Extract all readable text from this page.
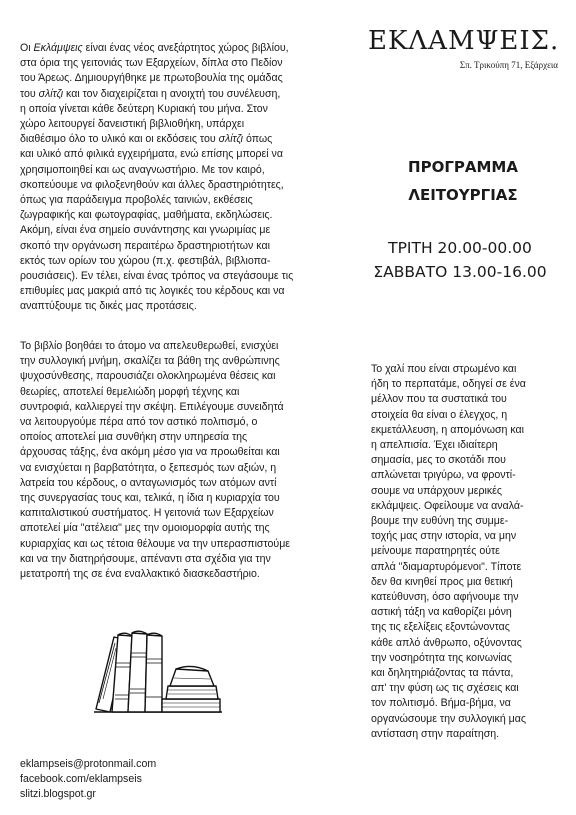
Οι Εκλάμψεις είναι ένας νέος ανεξάρτητος χώρος βιβλίου,
στα όρια της γειτονιάς των Εξαρχείων, δίπλα στο Πεδίον
του Άρεως. Δημιουργήθηκε με πρωτοβουλία της ομάδας
του σλίτζι και τον διαχειρίζεται η ανοιχτή του συνέλευση,
η οποία γίνεται κάθε δεύτερη Κυριακή του μήνα. Στον
χώρο λειτουργεί δανειστική βιβλιοθήκη, υπάρχει
διαθέσιμο όλο το υλικό και οι εκδόσεις του σλίτζι όπως
και υλικό από φιλικά εγχειρήματα, ενώ επίσης μπορεί να
χρησιμοποιηθεί και ως αναγνωστήριο. Με τον καιρό,
σκοπεύουμε να φιλοξενηθούν και άλλες δραστηριότητες,
όπως για παράδειγμα προβολές ταινιών, εκθέσεις
ζωγραφικής και φωτογραφίας, μαθήματα, εκδηλώσεις.
Ακόμη, είναι ένα σημείο συνάντησης και γνωριμίας με
σκοπό την οργάνωση περαιτέρω δραστηριοτήτων και
εκτός των ορίων του χώρου (π.χ. φεστιβάλ, βιβλιοπα-
ρουσιάσεις). Εν τέλει, είναι ένας τρόπος να στεγάσουμε τις
επιθυμίες μας μακριά από τις λογικές του κέρδους και να
αναπτύξουμε τις δικές μας προτάσεις.
Το βιβλίο βοηθάει το άτομο να απελευθερωθεί, ενισχύει
την συλλογική μνήμη, σκαλίζει τα βάθη της ανθρώπινης
ψυχοσύνθεσης, παρουσιάζει ολοκληρωμένα θέσεις και
θεωρίες, αποτελεί θεμελιώδη μορφή τέχνης και
συντροφιά, καλλιεργεί την σκέψη. Επιλέγουμε συνειδητά
να λειτουργούμε πέρα από τον αστικό πολιτισμό, ο
οποίος αποτελεί μια συνθήκη στην υπηρεσία της
άρχουσας τάξης, ένα ακόμη μέσο για να προωθείται και
να ενισχύεται η βαρβατότητα, ο ξεπεσμός των αξιών, η
λατρεία του κέρδους, ο ανταγωνισμός των ατόμων αντί
της συνεργασίας τους και, τελικά, η ίδια η κυριαρχία του
καπιταλιστικού συστήματος. Η γειτονιά των Εξαρχείων
αποτελεί μία "ατέλεια" μες την ομοιομορφία αυτής της
κυριαρχίας και ως τέτοια θέλουμε να την υπερασπιστούμε
και να την διατηρήσουμε, απέναντι στα σχέδια για την
μετατροπή της σε ένα εναλλακτικό διασκεδαστήριο.
ΕΚΛΑΜΨΕΙΣ.
Σπ. Τρικούπη 71, Εξάρχεια
ΠΡΟΓΡΑΜΜΑ
ΛΕΙΤΟΥΡΓΙΑΣ
ΤΡΙΤΗ 20.00-00.00
ΣΑΒΒΑΤΟ 13.00-16.00
Το χαλί που είναι στρωμένο και
ήδη το περπατάμε, οδηγεί σε ένα
μέλλον που τα συστατικά του
στοιχεία θα είναι ο έλεγχος, η
εκμετάλλευση, η απομόνωση και
η απελπισία. Έχει ιδιαίτερη
σημασία, μες το σκοτάδι που
απλώνεται τριγύρω, να φροντί-
σουμε να υπάρχουν μερικές
εκλάμψεις. Οφείλουμε να αναλά-
βουμε την ευθύνη της συμμε-
τοχής μας στην ιστορία, να μην
μείνουμε παρατηρητές ούτε
απλά "διαμαρτυρόμενοι". Τίποτε
δεν θα κινηθεί προς μια θετική
κατεύθυνση, όσο αφήνουμε την
αστική τάξη να καθορίζει μόνη
της τις εξελίξεις εξοντώνοντας
κάθε απλό άνθρωπο, οξύνοντας
την νοσηρότητα της κοινωνίας
και δηλητηριάζοντας τα πάντα,
απ' την φύση ως τις σχέσεις και
τον πολιτισμό. Βήμα-βήμα, να
οργανώσουμε την συλλογική μας
αντίσταση στην παραίτηση.
eklampseis@protonmail.com
facebook.com/eklampseis
slitzi.blogspot.gr
